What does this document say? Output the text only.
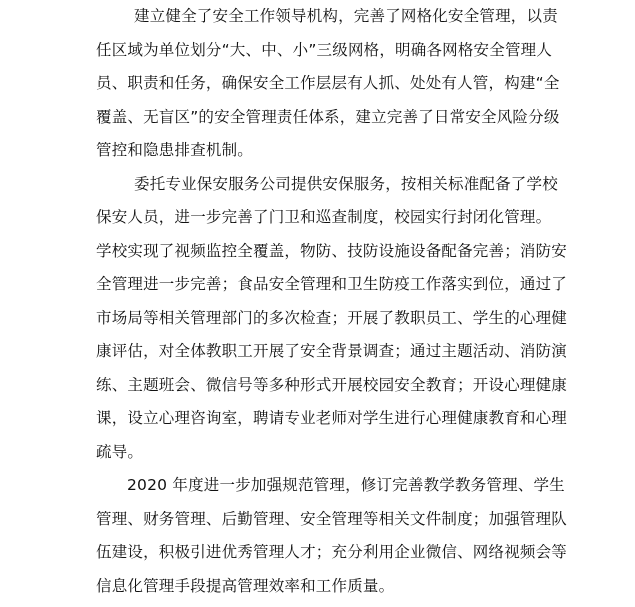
建立健全了安全工作领导机构，完善了网格化安全管理，以责
任区域为单位划分“大、中、小”三级网格，明确各网格安全管理人
员、职责和任务，确保安全工作层层有人抓、处处有人管，构建“全
覆盖、无盲区”的安全管理责任体系，建立完善了日常安全风险分级
管控和隐患排查机制。
委托专业保安服务公司提供安保服务，按相关标准配备了学校
保安人员，进一步完善了门卫和巡查制度，校园实行封闭化管理。
学校实现了视频监控全覆盖，物防、技防设施设备配备完善；消防安
全管理进一步完善；食品安全管理和卫生防疫工作落实到位，通过了
市场局等相关管理部门的多次检查；开展了教职员工、学生的心理健
康评估，对全体教职工开展了安全背景调查；通过主题活动、消防演
练、主题班会、微信号等多种形式开展校园安全教育；开设心理健康
课，设立心理咨询室，聘请专业老师对学生进行心理健康教育和心理
疏导。
2020 年度进一步加强规范管理，修订完善教学教务管理、学生
管理、财务管理、后勤管理、安全管理等相关文件制度；加强管理队
伍建设，积极引进优秀管理人才；充分利用企业微信、网络视频会等
信息化管理手段提高管理效率和工作质量。
